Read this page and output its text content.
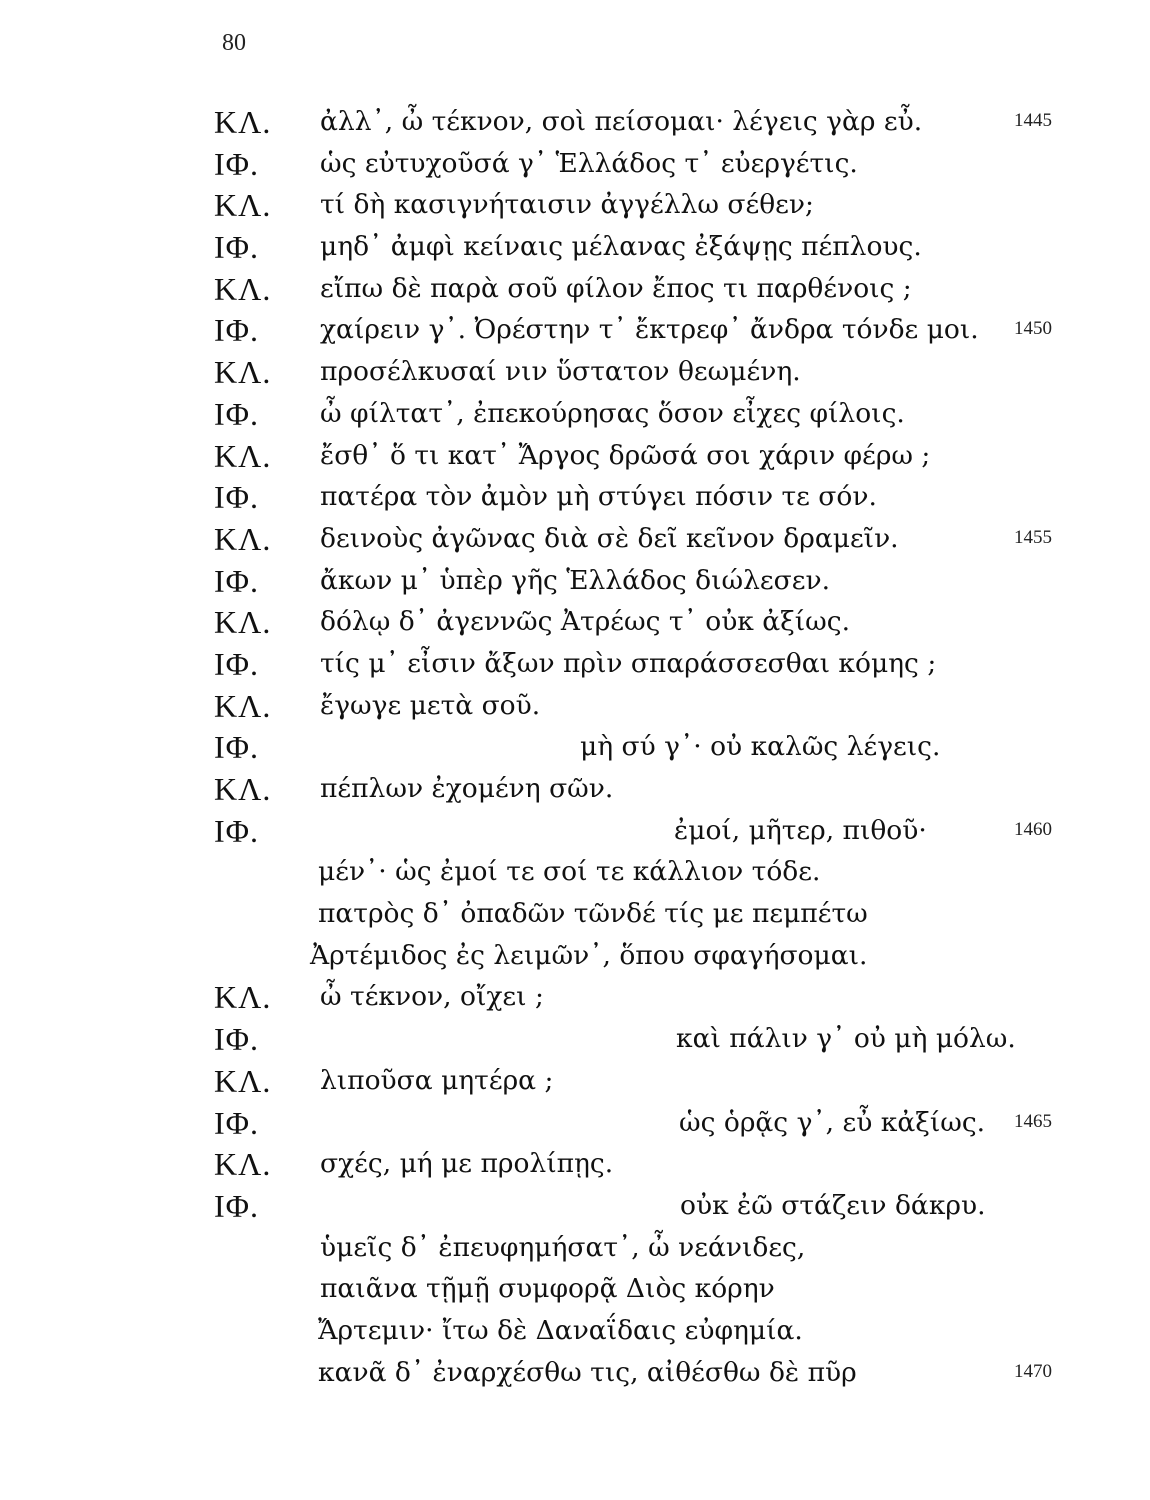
80
ΚΛ. ἀλλ᾽, ὦ τέκνον, σοὶ πείσομαι· λέγεις γὰρ εὖ.	1445
ΙΦ. ὡς εὐτυχοῦσά γ᾽ Ἑλλάδος τ᾽ εὐεργέτις.
ΚΛ. τί δὴ κασιγνήταισιν ἀγγέλλω σέθεν;
ΙΦ. μηδ᾽ ἀμφὶ κείναις μέλανας ἐξάψῃς πέπλους.
ΚΛ. εἴπω δὲ παρὰ σοῦ φίλον ἔπος τι παρθένοις ;
ΙΦ. χαίρειν γ᾽. Ὀρέστην τ᾽ ἔκτρεφ᾽ ἄνδρα τόνδε μοι. 1450
ΚΛ. προσέλκυσαί νιν ὕστατον θεωμένη.
ΙΦ. ὦ φίλτατ᾽, ἐπεκούρησας ὅσον εἶχες φίλοις.
ΚΛ. ἔσθ᾽ ὅ τι κατ᾽ Ἄργος δρῶσά σοι χάριν φέρω ;
ΙΦ. πατέρα τὸν ἀμὸν μὴ στύγει πόσιν τε σόν.
ΚΛ. δεινοὺς ἀγῶνας διὰ σὲ δεῖ κεῖνον δραμεῖν.	1455
ΙΦ. ἄκων μ᾽ ὑπὲρ γῆς Ἑλλάδος διώλεσεν.
ΚΛ. δόλῳ δ᾽ ἀγεννῶς Ἀτρέως τ᾽ οὐκ ἀξίως.
ΙΦ. τίς μ᾽ εἶσιν ἄξων πρὶν σπαράσσεσθαι κόμης ;
ΚΛ. ἔγωγε μετὰ σοῦ.
ΙΦ.	μὴ σύ γ᾽· οὐ καλῶς λέγεις.
ΚΛ. πέπλων ἐχομένη σῶν.
ΙΦ.	ἐμοί, μῆτερ, πιθοῦ·	1460
μέν᾽· ὡς ἐμοί τε σοί τε κάλλιον τόδε.
πατρὸς δ᾽ ὀπαδῶν τῶνδέ τίς με πεμπέτω
Ἀρτέμιδος ἐς λειμῶν᾽, ὅπου σφαγήσομαι.
ΚΛ. ὦ τέκνον, οἴχει ;
ΙΦ.	καὶ πάλιν γ᾽ οὐ μὴ μόλω.
ΚΛ. λιποῦσα μητέρα ;
ΙΦ.	ὡς ὁρᾷς γ᾽, εὖ κἀξίως. 1465
ΚΛ. σχές, μή με προλίπῃς.
ΙΦ.	οὐκ ἐῶ στάζειν δάκρυ.
ὑμεῖς δ᾽ ἐπευφημήσατ᾽, ὦ νεάνιδες,
παιᾶνα τῇμῇ συμφορᾷ Διὸς κόρην
Ἄρτεμιν· ἴτω δὲ Δαναΐδαις εὐφημία.
κανᾶ δ᾽ ἐναρχέσθω τις, αἰθέσθω δὲ πῦρ	1470
